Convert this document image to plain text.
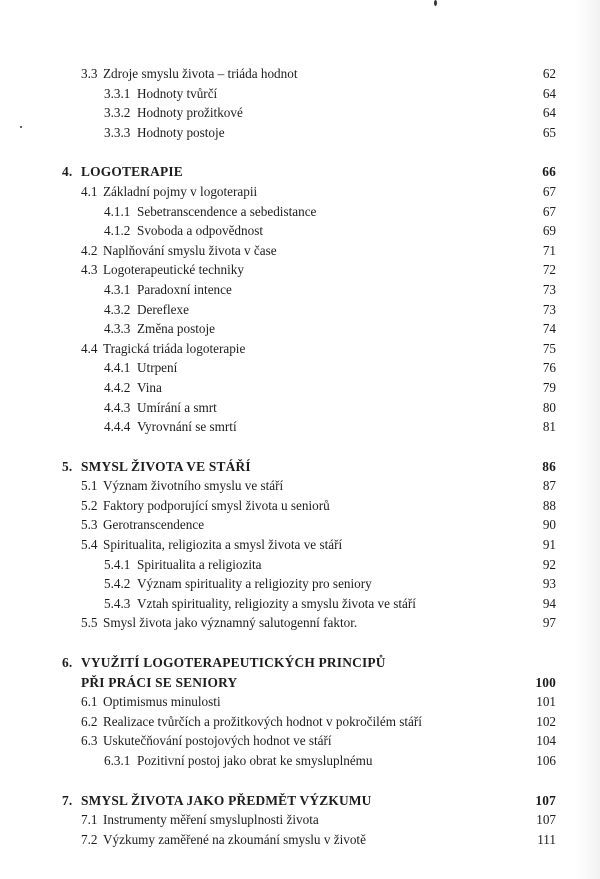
3.3 Zdroje smyslu života – triáda hodnot	62
3.3.1 Hodnoty tvůrčí	64
3.3.2 Hodnoty prožitkové	64
3.3.3 Hodnoty postoje	65
4. LOGOTERAPIE	66
4.1 Základní pojmy v logoterapii	67
4.1.1 Sebetranscendence a sebedistance	67
4.1.2 Svoboda a odpovědnost	69
4.2 Naplňování smyslu života v čase	71
4.3 Logoterapeutické techniky	72
4.3.1 Paradoxní intence	73
4.3.2 Dereflexe	73
4.3.3 Změna postoje	74
4.4 Tragická triáda logoterapie	75
4.4.1 Utrpení	76
4.4.2 Vina	79
4.4.3 Umírání a smrt	80
4.4.4 Vyrovnání se smrtí	81
5. SMYSL ŽIVOTA VE STÁŘÍ	86
5.1 Význam životního smyslu ve stáří	87
5.2 Faktory podporující smysl života u seniorů	88
5.3 Gerotranscendence	90
5.4 Spiritualita, religiozita a smysl života ve stáří	91
5.4.1 Spiritualita a religiozita	92
5.4.2 Význam spirituality a religiozity pro seniory	93
5.4.3 Vztah spirituality, religiozity a smyslu života ve stáří	94
5.5 Smysl života jako významný salutogenní faktor.	97
6. VYUŽITÍ LOGOTERAPEUTICKÝCH PRINCIPŮ
PŘI PRÁCI SE SENIORY	100
6.1 Optimismus minulosti	101
6.2 Realizace tvůrčích a prožitkových hodnot v pokročilém stáří	102
6.3 Uskutečňování postojových hodnot ve stáří	104
6.3.1 Pozitivní postoj jako obrat ke smysluplnému	106
7. SMYSL ŽIVOTA JAKO PŘEDMĚT VÝZKUMU	107
7.1 Instrumenty měření smysluplnosti života	107
7.2 Výzkumy zaměřené na zkoumání smyslu v životě	111
